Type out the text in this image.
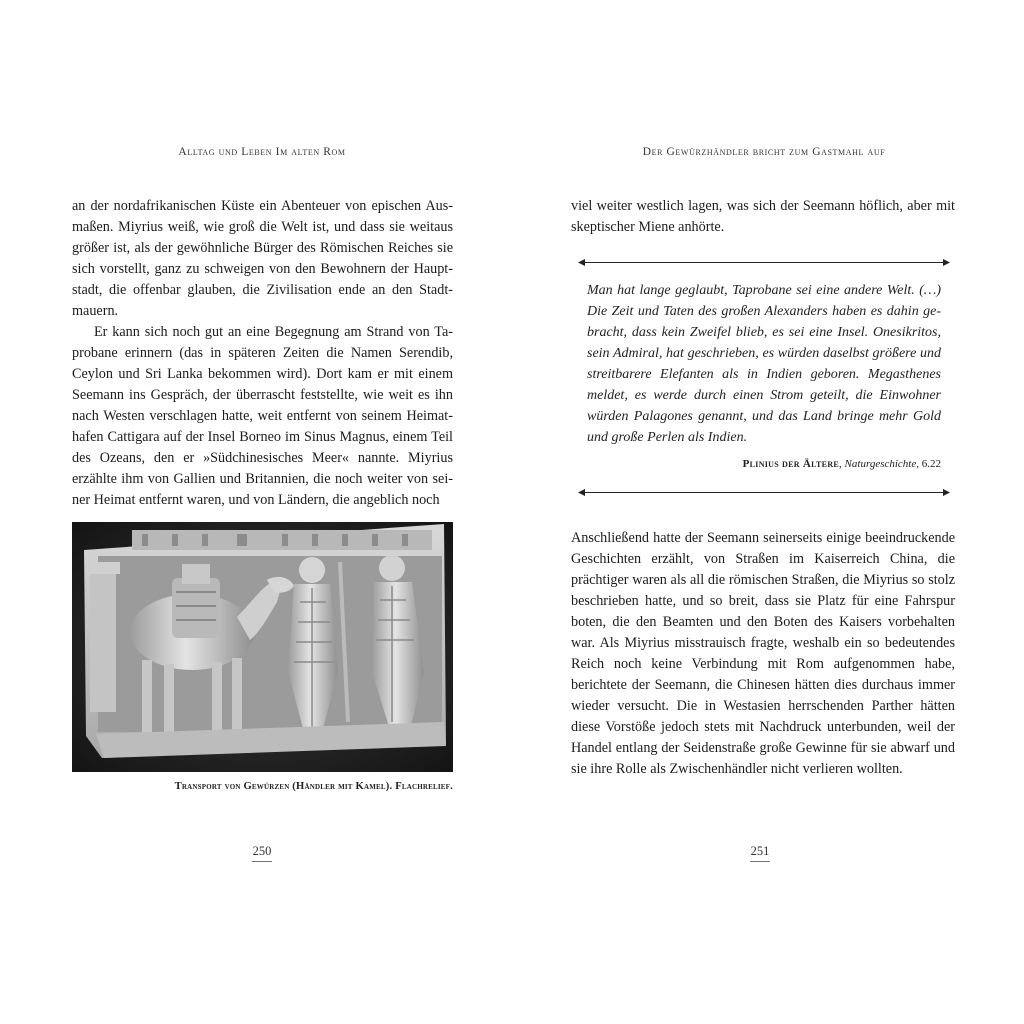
Alltag und Leben Im alten Rom

an der nordafrikanischen Küste ein Abenteuer von epischen Ausmaßen. Miyrius weiß, wie groß die Welt ist, und dass sie weitaus größer ist, als der gewöhnliche Bürger des Römischen Reiches sie sich vorstellt, ganz zu schweigen von den Bewohnern der Hauptstadt, die offenbar glauben, die Zivilisation ende an den Stadtmauern.

Er kann sich noch gut an eine Begegnung am Strand von Taprobane erinnern (das in späteren Zeiten die Namen Serendib, Ceylon und Sri Lanka bekommen wird). Dort kam er mit einem Seemann ins Gespräch, der überrascht feststellte, wie weit es ihn nach Westen verschlagen hatte, weit entfernt von seinem Heimathafen Cattigara auf der Insel Borneo im Sinus Magnus, einem Teil des Ozeans, den er »Südchinesisches Meer« nannte. Miyrius erzählte ihm von Gallien und Britannien, die noch weiter von seiner Heimat entfernt waren, und von Ländern, die angeblich noch

Transport von Gewürzen (Händler mit Kamel). Flachrelief.
250
Der Gewürzhändler bricht zum Gastmahl auf

viel weiter westlich lagen, was sich der Seemann höflich, aber mit skeptischer Miene anhörte.

Man hat lange geglaubt, Taprobane sei eine andere Welt. (…) Die Zeit und Taten des großen Alexanders haben es dahin gebracht, dass kein Zweifel blieb, es sei eine Insel. Onesikritos, sein Admiral, hat geschrieben, es würden daselbst größere und streitbarere Elefanten als in Indien geboren. Megasthenes meldet, es werde durch einen Strom geteilt, die Einwohner würden Palagones genannt, und das Land bringe mehr Gold und große Perlen als Indien.
Plinius der Ältere, Naturgeschichte, 6.22

Anschließend hatte der Seemann seinerseits einige beeindruckende Geschichten erzählt, von Straßen im Kaiserreich China, die prächtiger waren als all die römischen Straßen, die Miyrius so stolz beschrieben hatte, und so breit, dass sie Platz für eine Fahrspur boten, die den Beamten und den Boten des Kaisers vorbehalten war. Als Miyrius misstrauisch fragte, weshalb ein so bedeutendes Reich noch keine Verbindung mit Rom aufgenommen habe, berichtete der Seemann, die Chinesen hätten dies durchaus immer wieder versucht. Die in Westasien herrschenden Parther hätten diese Vorstöße jedoch stets mit Nachdruck unterbunden, weil der Handel entlang der Seidenstraße große Gewinne für sie abwarf und sie ihre Rolle als Zwischenhändler nicht verlieren wollten.

251
